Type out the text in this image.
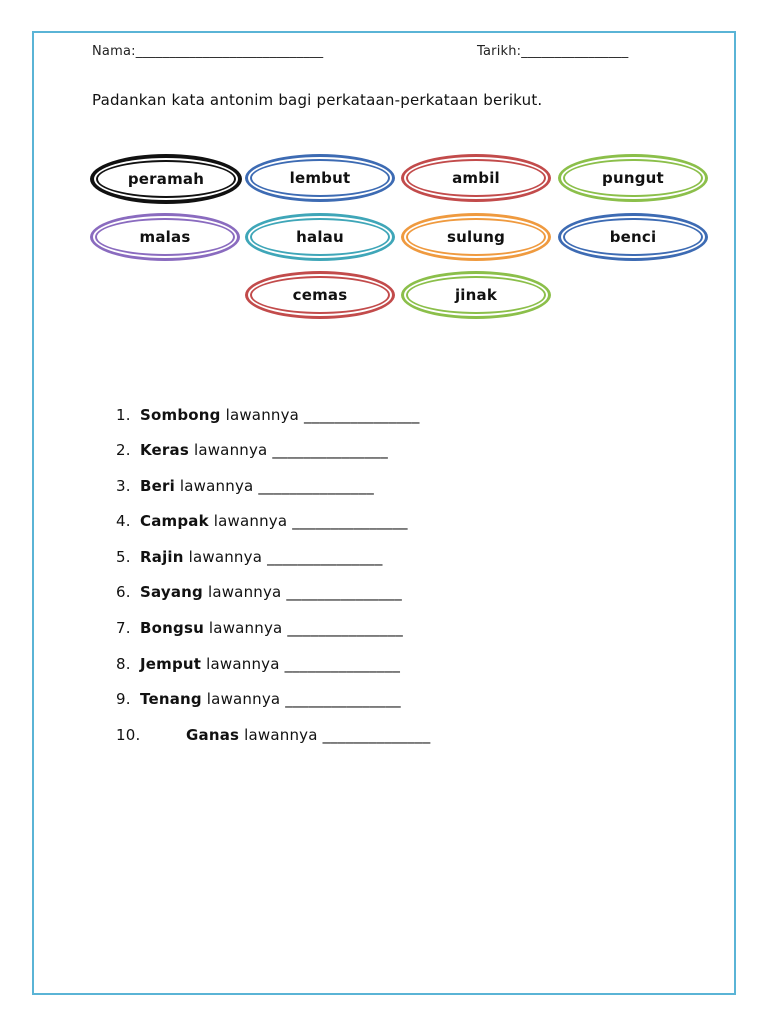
Nama:____________________________	Tarikh:________________
Padankan kata antonim bagi perkataan-perkataan berikut.
peramah	lembut	ambil	pungut
malas	halau	sulung	benci
cemas	jinak
1. Sombong lawannya _______________
2. Keras lawannya _______________
3. Beri lawannya _______________
4. Campak lawannya _______________
5. Rajin lawannya _______________
6. Sayang lawannya _______________
7. Bongsu lawannya _______________
8. Jemput lawannya _______________
9. Tenang lawannya _______________
10.	Ganas lawannya ______________
